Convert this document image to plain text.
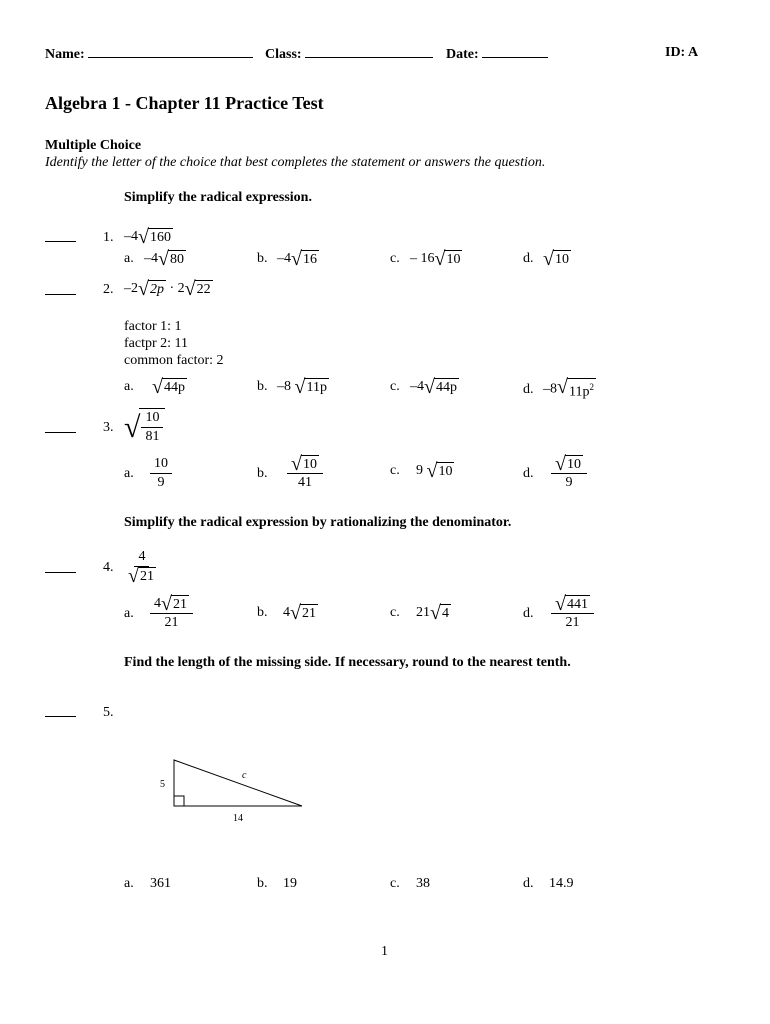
Name:	Class:	Date:	ID: A
Algebra 1 - Chapter 11 Practice Test
Multiple Choice
Identify the letter of the choice that best completes the statement or answers the question.
Simplify the radical expression.
1. –4 √ 160
a. –4 √ 80	b. –4 √ 16	c. – 16 √ 10	d. √ 10
2. –2 √ 2p · 2 √ 22
factor 1: 1
factpr 2: 11
common factor: 2
a. √ 44p	b. –8 √ 11p	c. –4 √ 44p	d. –8 √ $11p^2$
3. √ $\frac{10}{81}$
a. $\frac{10}{9}$	b. $\frac{√ 10}{41}$	c. 9 √ 10	d. $\frac{√ 10}{9}$
Simplify the radical expression by rationalizing the denominator.
4. $\frac{4}{√ 21}$
a. $\frac{4 √ 21}{21}$	b. 4 √ 21	c. 21 √ 4	d. $\frac{√ 441}{21}$
Find the length of the missing side. If necessary, round to the nearest tenth.
5.
5
14
c
a. 361	b. 19	c. 38	d. 14.9
1
